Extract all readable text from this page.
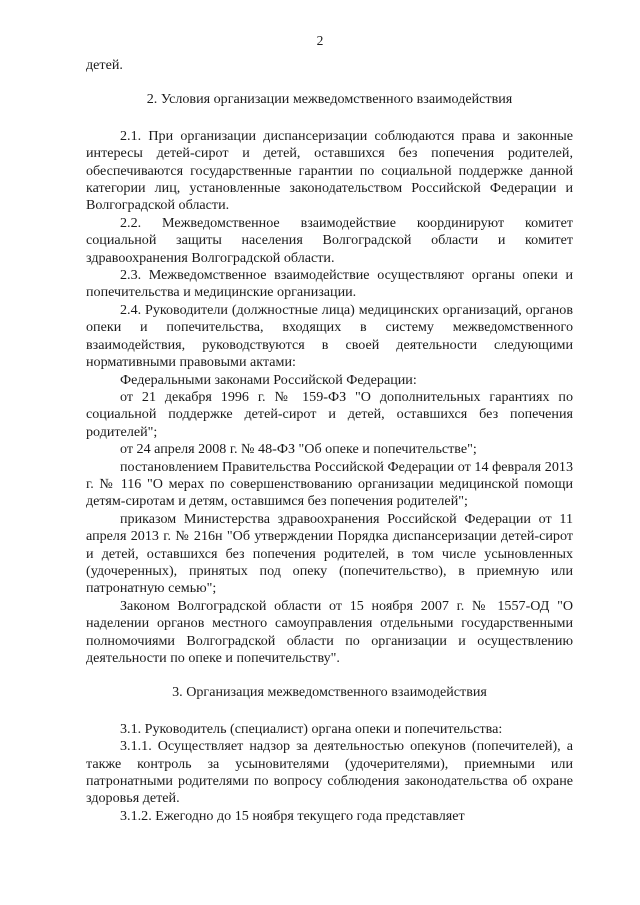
2

детей.

2. Условия организации межведомственного взаимодействия

2.1. При организации диспансеризации соблюдаются права и законные интересы детей-сирот и детей, оставшихся без попечения родителей, обеспечиваются государственные гарантии по социальной поддержке данной категории лиц, установленные законодательством Российской Федерации и Волгоградской области.

2.2. Межведомственное взаимодействие координируют комитет социальной защиты населения Волгоградской области и комитет здравоохранения Волгоградской области.

2.3. Межведомственное взаимодействие осуществляют органы опеки и попечительства и медицинские организации.

2.4. Руководители (должностные лица) медицинских организаций, органов опеки и попечительства, входящих в систему межведомственного взаимодействия, руководствуются в своей деятельности следующими нормативными правовыми актами:

Федеральными законами Российской Федерации:

от 21 декабря 1996 г. № 159-ФЗ "О дополнительных гарантиях по социальной поддержке детей-сирот и детей, оставшихся без попечения родителей";

от 24 апреля 2008 г. № 48-ФЗ "Об опеке и попечительстве";

постановлением Правительства Российской Федерации от 14 февраля 2013 г. № 116 "О мерах по совершенствованию организации медицинской помощи детям-сиротам и детям, оставшимся без попечения родителей";

приказом Министерства здравоохранения Российской Федерации от 11 апреля 2013 г. № 216н "Об утверждении Порядка диспансеризации детей-сирот и детей, оставшихся без попечения родителей, в том числе усыновленных (удочеренных), принятых под опеку (попечительство), в приемную или патронатную семью";

Законом Волгоградской области от 15 ноября 2007 г. № 1557-ОД "О наделении органов местного самоуправления отдельными государственными полномочиями Волгоградской области по организации и осуществлению деятельности по опеке и попечительству".

3. Организация межведомственного взаимодействия

3.1. Руководитель (специалист) органа опеки и попечительства:

3.1.1. Осуществляет надзор за деятельностью опекунов (попечителей), а также контроль за усыновителями (удочерителями), приемными или патронатными родителями по вопросу соблюдения законодательства об охране здоровья детей.

3.1.2. Ежегодно до 15 ноября текущего года представляет
